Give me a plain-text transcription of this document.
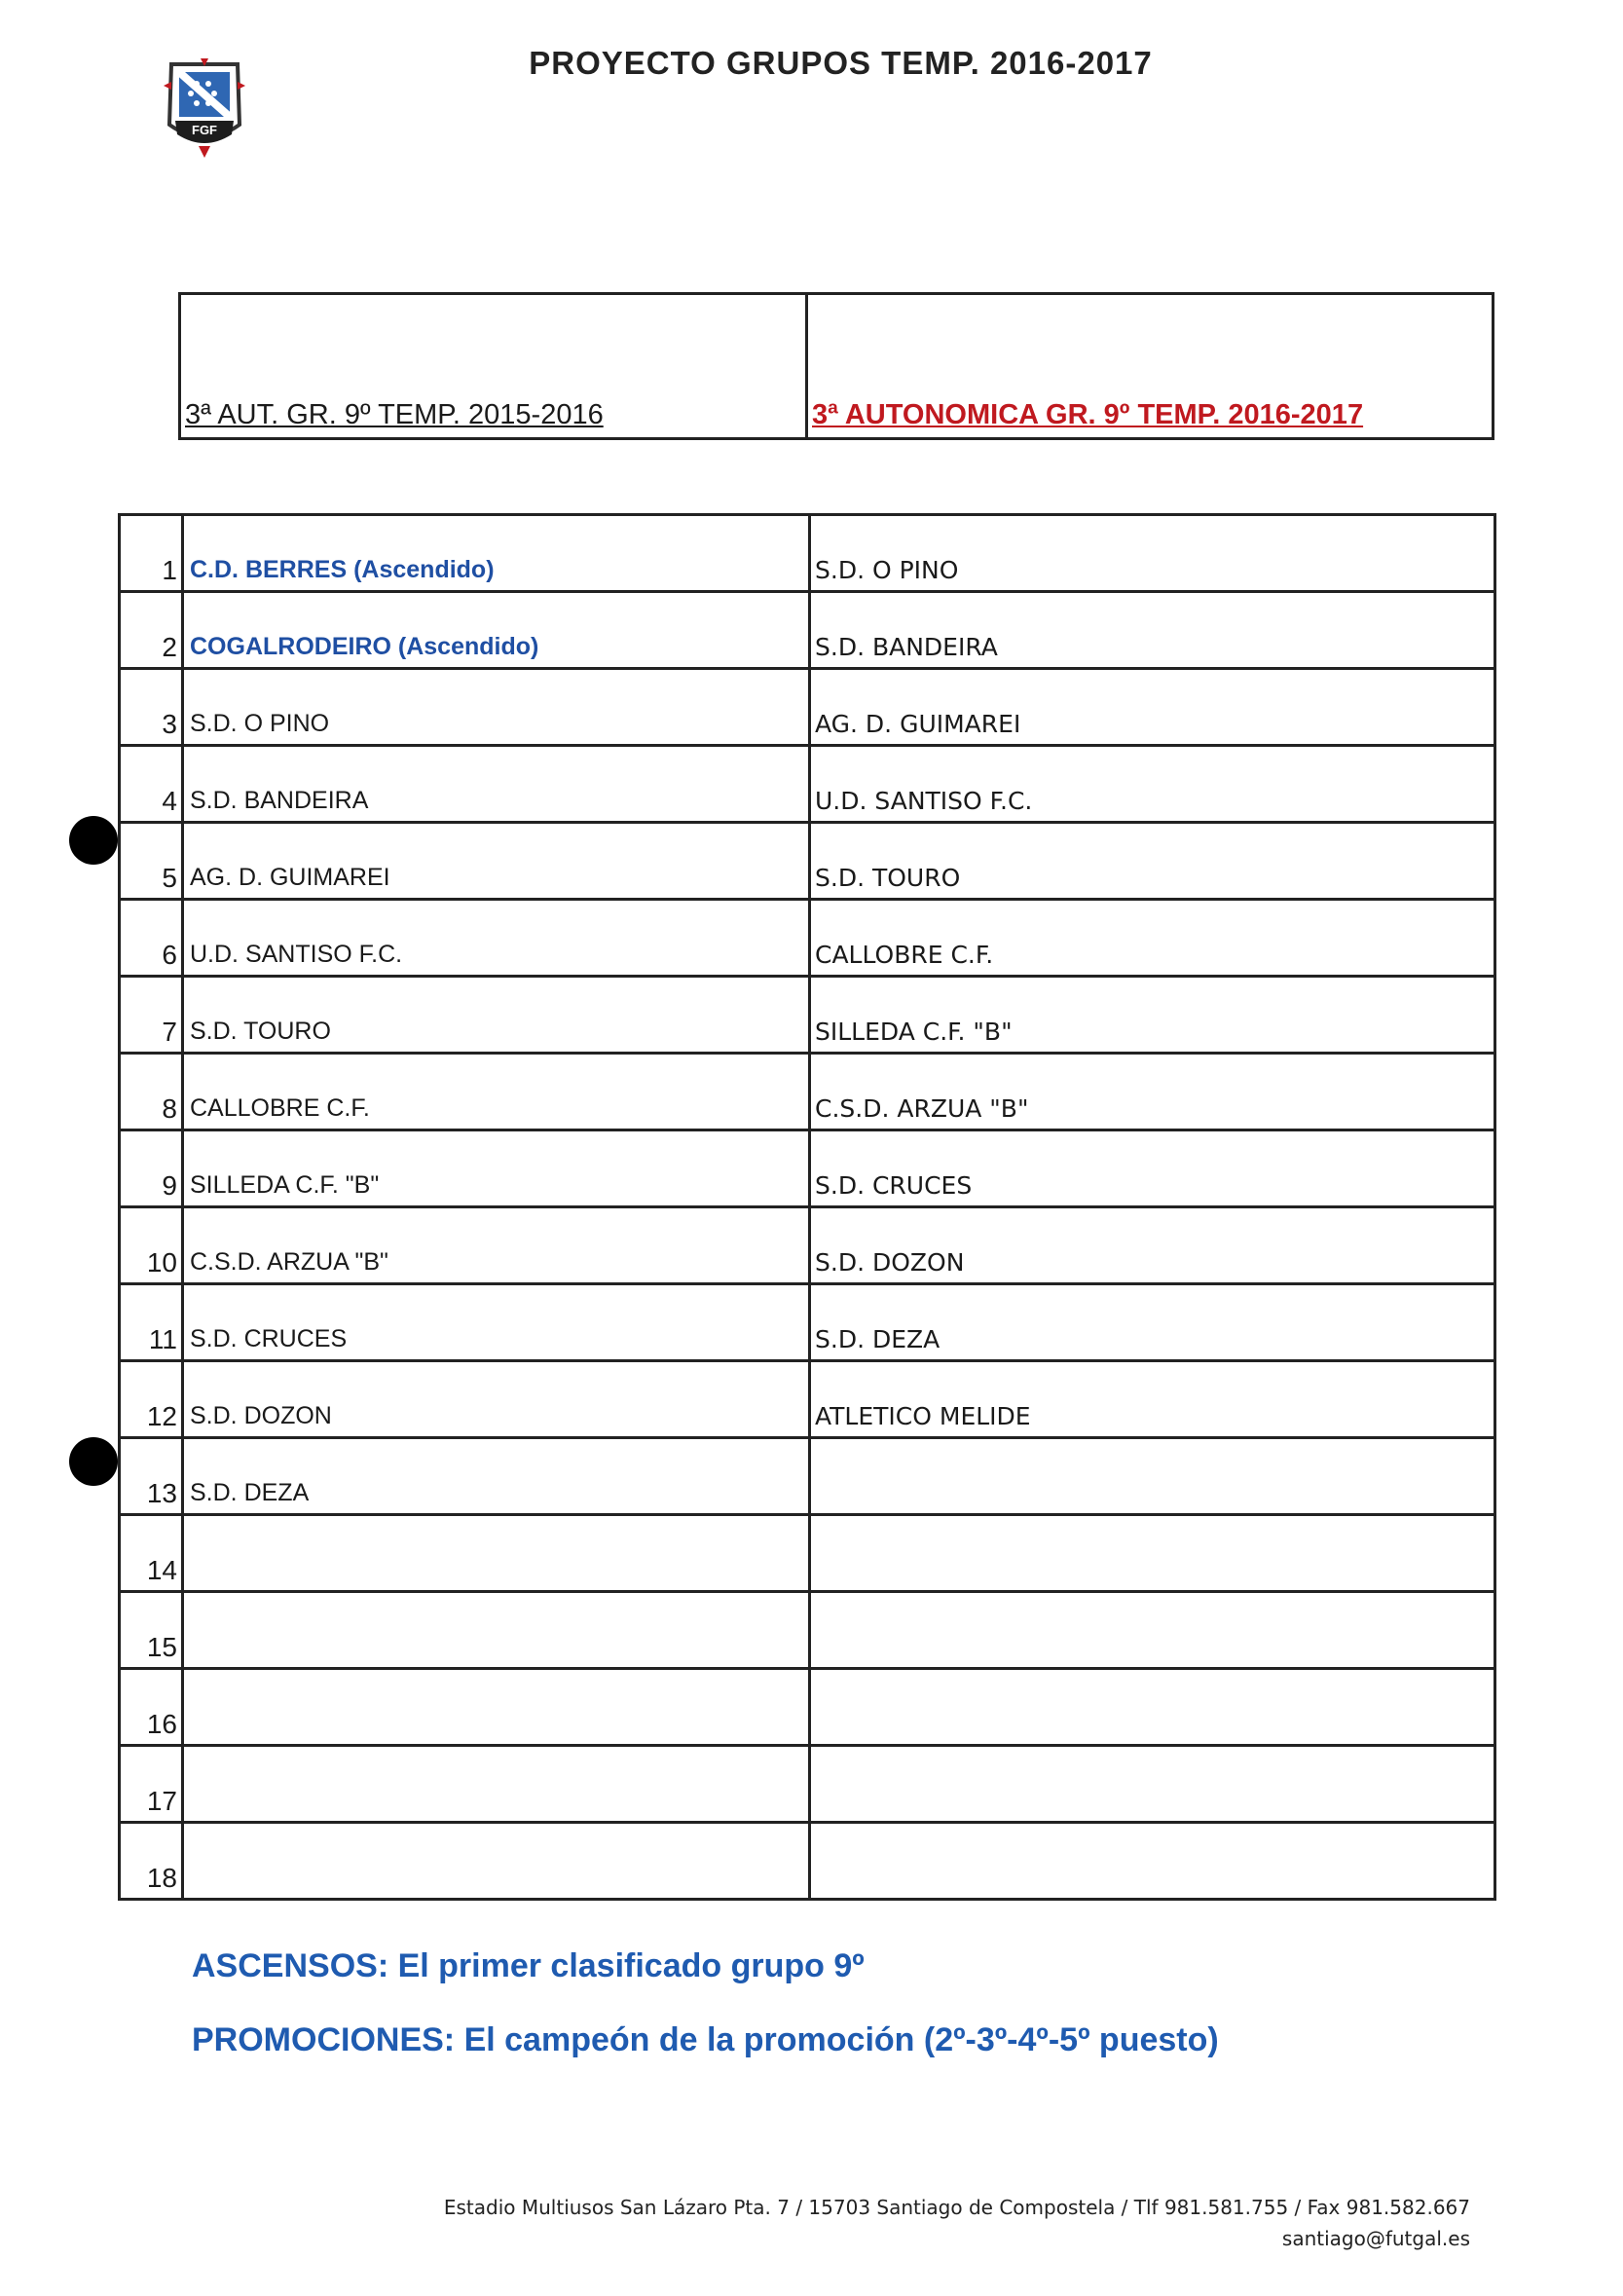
FGF
PROYECTO GRUPOS TEMP. 2016-2017
3ª AUT. GR. 9º TEMP. 2015-2016	3ª AUTONOMICA GR. 9º TEMP. 2016-2017
1	C.D. BERRES (Ascendido)	S.D. O PINO
2	COGALRODEIRO (Ascendido)	S.D. BANDEIRA
3	S.D. O PINO	AG. D. GUIMAREI
4	S.D. BANDEIRA	U.D. SANTISO F.C.
5	AG. D. GUIMAREI	S.D. TOURO
6	U.D. SANTISO F.C.	CALLOBRE C.F.
7	S.D. TOURO	SILLEDA C.F. "B"
8	CALLOBRE C.F.	C.S.D. ARZUA "B"
9	SILLEDA C.F. "B"	S.D. CRUCES
10	C.S.D. ARZUA "B"	S.D. DOZON
11	S.D. CRUCES	S.D. DEZA
12	S.D. DOZON	ATLETICO MELIDE
13	S.D. DEZA	
14		
15		
16		
17		
18		
ASCENSOS: El primer clasificado grupo 9º
PROMOCIONES: El campeón de la promoción (2º-3º-4º-5º puesto)
Estadio Multiusos San Lázaro Pta. 7 / 15703 Santiago de Compostela / Tlf 981.581.755 / Fax 981.582.667
santiago@futgal.es
